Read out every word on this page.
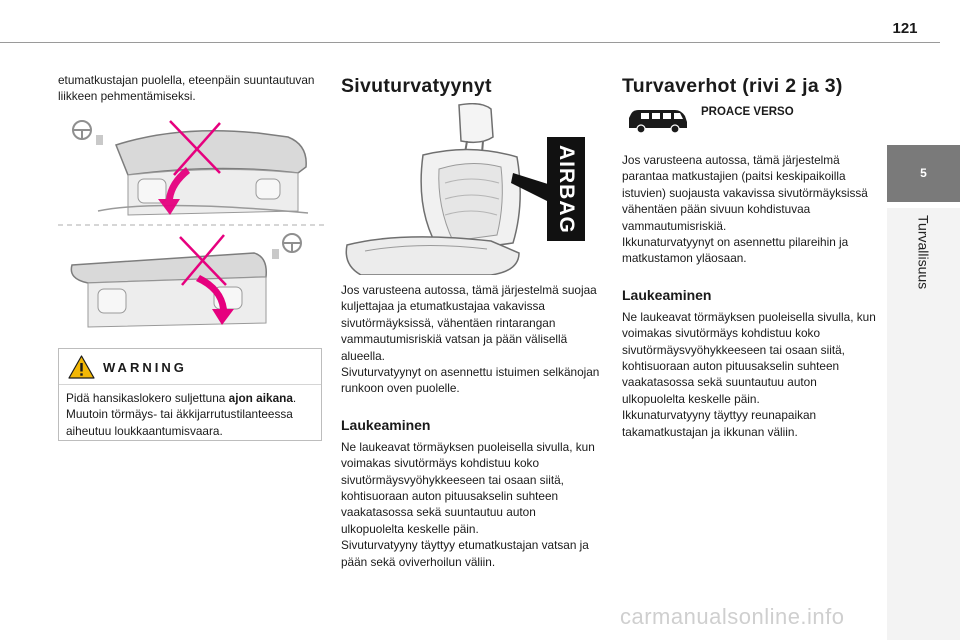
121
5
Turvallisuus

etumatkustajan puolella, eteenpäin suuntautuvan liikkeen pehmentämiseksi.

WARNING

Pidä hansikaslokero suljettuna ajon aikana. Muutoin törmäys- tai äkkijarrutustilanteessa aiheutuu loukkaantumisvaara.

Sivuturvatyynyt

AIRBAG

Jos varusteena autossa, tämä järjestelmä suojaa kuljettajaa ja etumatkustajaa vakavissa sivutörmäyksissä, vähentäen rintarangan vammautumisriskiä vatsan ja pään välisellä alueella.

Sivuturvatyynyt on asennettu istuimen selkänojan runkoon oven puolelle.

Laukeaminen

Ne laukeavat törmäyksen puoleisella sivulla, kun voimakas sivutörmäys kohdistuu koko sivutörmäysvyöhykkeeseen tai osaan siitä, kohtisuoraan auton pituusakselin suhteen vaakatasossa sekä suuntautuu auton ulkopuolelta keskelle päin.

Sivuturvatyyny täyttyy etumatkustajan vatsan ja pään sekä oviverhoilun väliin.

Turvaverhot (rivi 2 ja 3)

PROACE VERSO

Jos varusteena autossa, tämä järjestelmä parantaa matkustajien (paitsi keskipaikoilla istuvien) suojausta vakavissa sivutörmäyksissä vähentäen pään sivuun kohdistuvaa vammautumisriskiä.

Ikkunaturvatyynyt on asennettu pilareihin ja matkustamon yläosaan.

Laukeaminen

Ne laukeavat törmäyksen puoleisella sivulla, kun voimakas sivutörmäys kohdistuu koko sivutörmäysvyöhykkeeseen tai osaan siitä, kohtisuoraan auton pituusakselin suhteen vaakatasossa sekä suuntautuu auton ulkopuolelta keskelle päin.

Ikkunaturvatyyny täyttyy reunapaikan takamatkustajan ja ikkunan väliin.

carmanualsonline.info
